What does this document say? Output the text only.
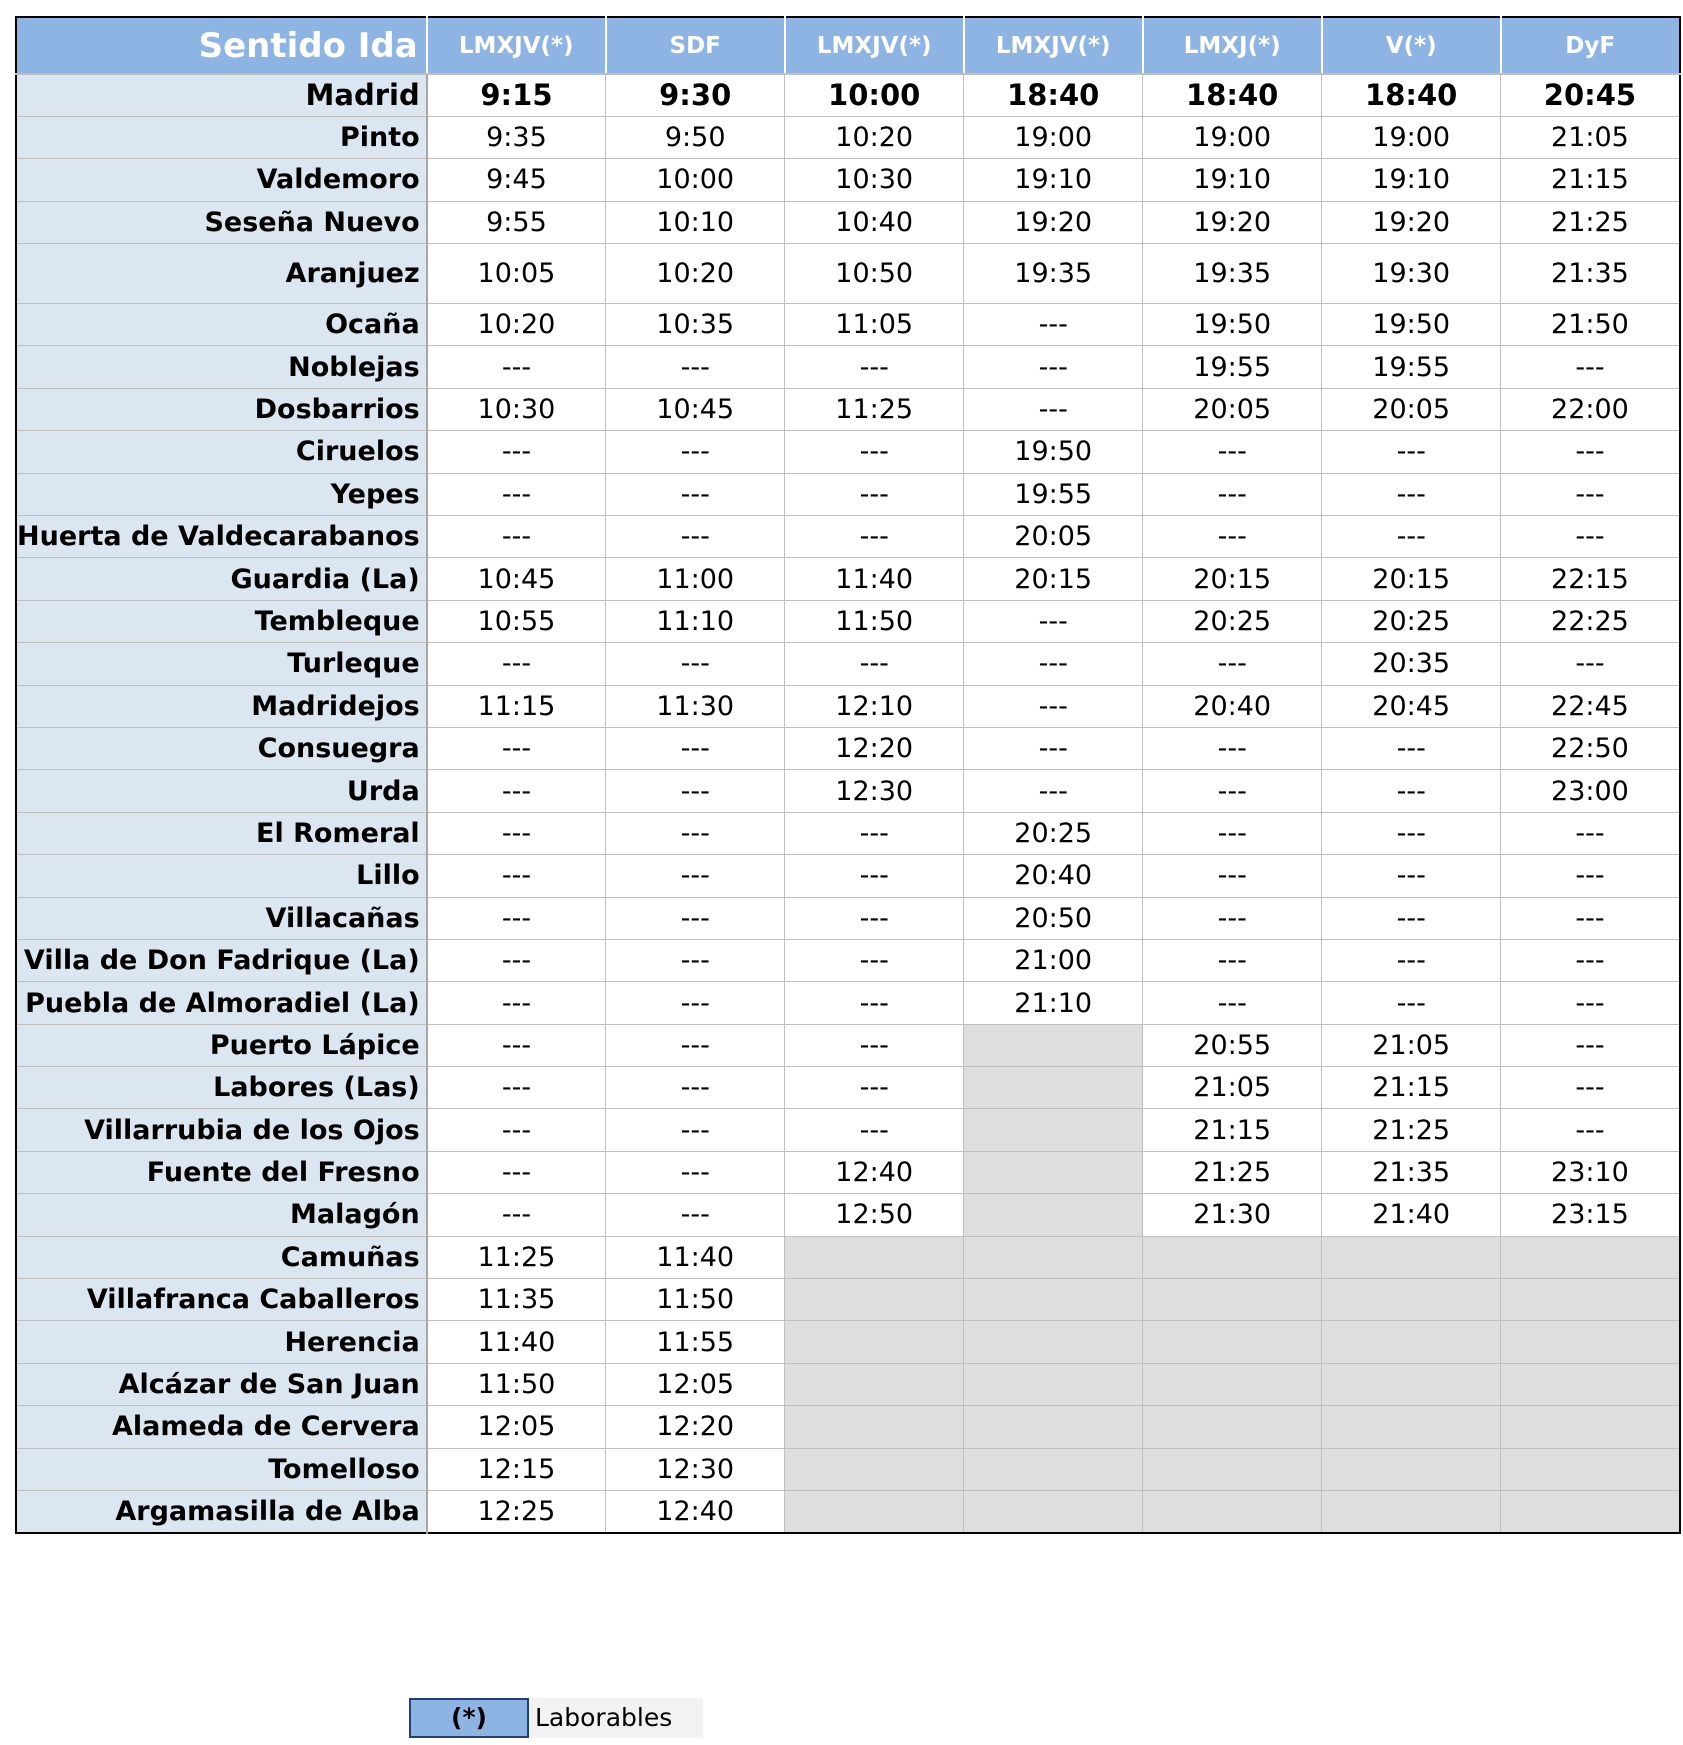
Sentido Ida	LMXJV(*)	SDF	LMXJV(*)	LMXJV(*)	LMXJ(*)	V(*)	DyF
Madrid	9:15	9:30	10:00	18:40	18:40	18:40	20:45
Pinto	9:35	9:50	10:20	19:00	19:00	19:00	21:05
Valdemoro	9:45	10:00	10:30	19:10	19:10	19:10	21:15
Seseña Nuevo	9:55	10:10	10:40	19:20	19:20	19:20	21:25
Aranjuez	10:05	10:20	10:50	19:35	19:35	19:30	21:35
Ocaña	10:20	10:35	11:05	---	19:50	19:50	21:50
Noblejas	---	---	---	---	19:55	19:55	---
Dosbarrios	10:30	10:45	11:25	---	20:05	20:05	22:00
Ciruelos	---	---	---	19:50	---	---	---
Yepes	---	---	---	19:55	---	---	---
Huerta de Valdecarabanos	---	---	---	20:05	---	---	---
Guardia (La)	10:45	11:00	11:40	20:15	20:15	20:15	22:15
Tembleque	10:55	11:10	11:50	---	20:25	20:25	22:25
Turleque	---	---	---	---	---	20:35	---
Madridejos	11:15	11:30	12:10	---	20:40	20:45	22:45
Consuegra	---	---	12:20	---	---	---	22:50
Urda	---	---	12:30	---	---	---	23:00
El Romeral	---	---	---	20:25	---	---	---
Lillo	---	---	---	20:40	---	---	---
Villacañas	---	---	---	20:50	---	---	---
Villa de Don Fadrique (La)	---	---	---	21:00	---	---	---
Puebla de Almoradiel (La)	---	---	---	21:10	---	---	---
Puerto Lápice	---	---	---		20:55	21:05	---
Labores (Las)	---	---	---		21:05	21:15	---
Villarrubia de los Ojos	---	---	---		21:15	21:25	---
Fuente del Fresno	---	---	12:40		21:25	21:35	23:10
Malagón	---	---	12:50		21:30	21:40	23:15
Camuñas	11:25	11:40					
Villafranca Caballeros	11:35	11:50					
Herencia	11:40	11:55					
Alcázar de San Juan	11:50	12:05					
Alameda de Cervera	12:05	12:20					
Tomelloso	12:15	12:30					
Argamasilla de Alba	12:25	12:40					
(*)	Laborables
